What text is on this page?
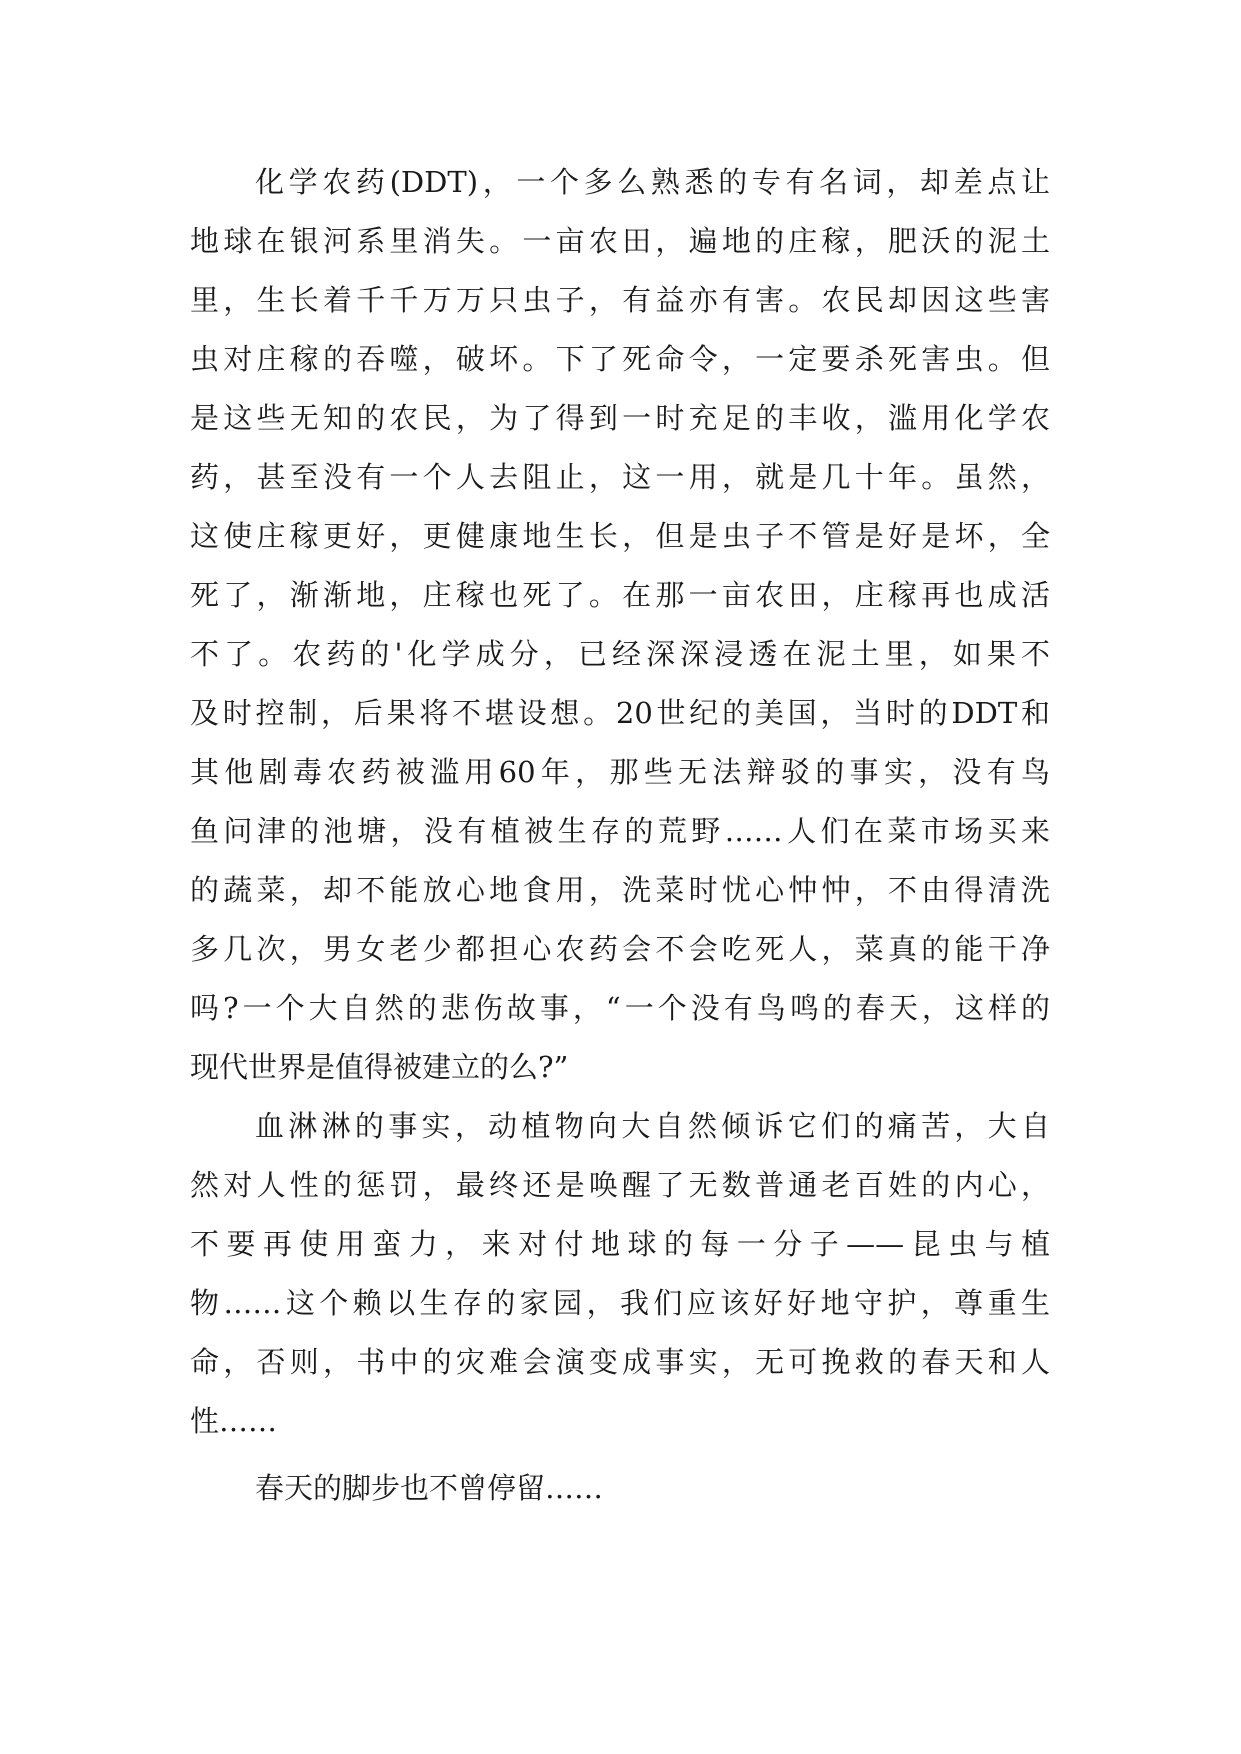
化学农药(DDT)，一个多么熟悉的专有名词，却差点让
地球在银河系里消失。一亩农田，遍地的庄稼，肥沃的泥土
里，生长着千千万万只虫子，有益亦有害。农民却因这些害
虫对庄稼的吞噬，破坏。下了死命令，一定要杀死害虫。但
是这些无知的农民，为了得到一时充足的丰收，滥用化学农
药，甚至没有一个人去阻止，这一用，就是几十年。虽然，
这使庄稼更好，更健康地生长，但是虫子不管是好是坏，全
死了，渐渐地，庄稼也死了。在那一亩农田，庄稼再也成活
不了。农药的'化学成分，已经深深浸透在泥土里，如果不
及时控制，后果将不堪设想。20世纪的美国，当时的DDT和
其他剧毒农药被滥用60年，那些无法辩驳的事实，没有鸟
鱼问津的池塘，没有植被生存的荒野……人们在菜市场买来
的蔬菜，却不能放心地食用，洗菜时忧心忡忡，不由得清洗
多几次，男女老少都担心农药会不会吃死人，菜真的能干净
吗?一个大自然的悲伤故事，“一个没有鸟鸣的春天，这样的
现代世界是值得被建立的么?”
血淋淋的事实，动植物向大自然倾诉它们的痛苦，大自
然对人性的惩罚，最终还是唤醒了无数普通老百姓的内心，
不要再使用蛮力，来对付地球的每一分子——昆虫与植
物……这个赖以生存的家园，我们应该好好地守护，尊重生
命，否则，书中的灾难会演变成事实，无可挽救的春天和人
性……
春天的脚步也不曾停留……
